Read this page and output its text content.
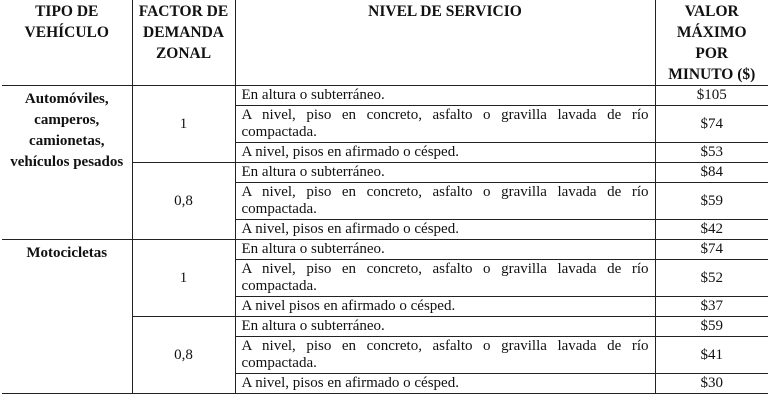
TIPO DE VEHÍCULO	FACTOR DE DEMANDA ZONAL	NIVEL DE SERVICIO	VALOR MÁXIMO POR MINUTO ($)
Automóviles, camperos, camionetas, vehículos pesados	1	En altura o subterráneo.	$105

		A nivel, piso en concreto, asfalto o gravilla lavada de río compactada.	$74
		A nivel, pisos en afirmado o césped.	$53
	0,8	En altura o subterráneo.	$84

		A nivel, piso en concreto, asfalto o gravilla lavada de río compactada.	$59
		A nivel, pisos en afirmado o césped.	$42
Motocicletas	1	En altura o subterráneo.	$74

		A nivel, piso en concreto, asfalto o gravilla lavada de río compactada.	$52
		A nivel pisos en afirmado o césped.	$37
	0,8	En altura o subterráneo.	$59

		A nivel, piso en concreto, asfalto o gravilla lavada de río compactada.	$41
		A nivel, pisos en afirmado o césped.	$30
